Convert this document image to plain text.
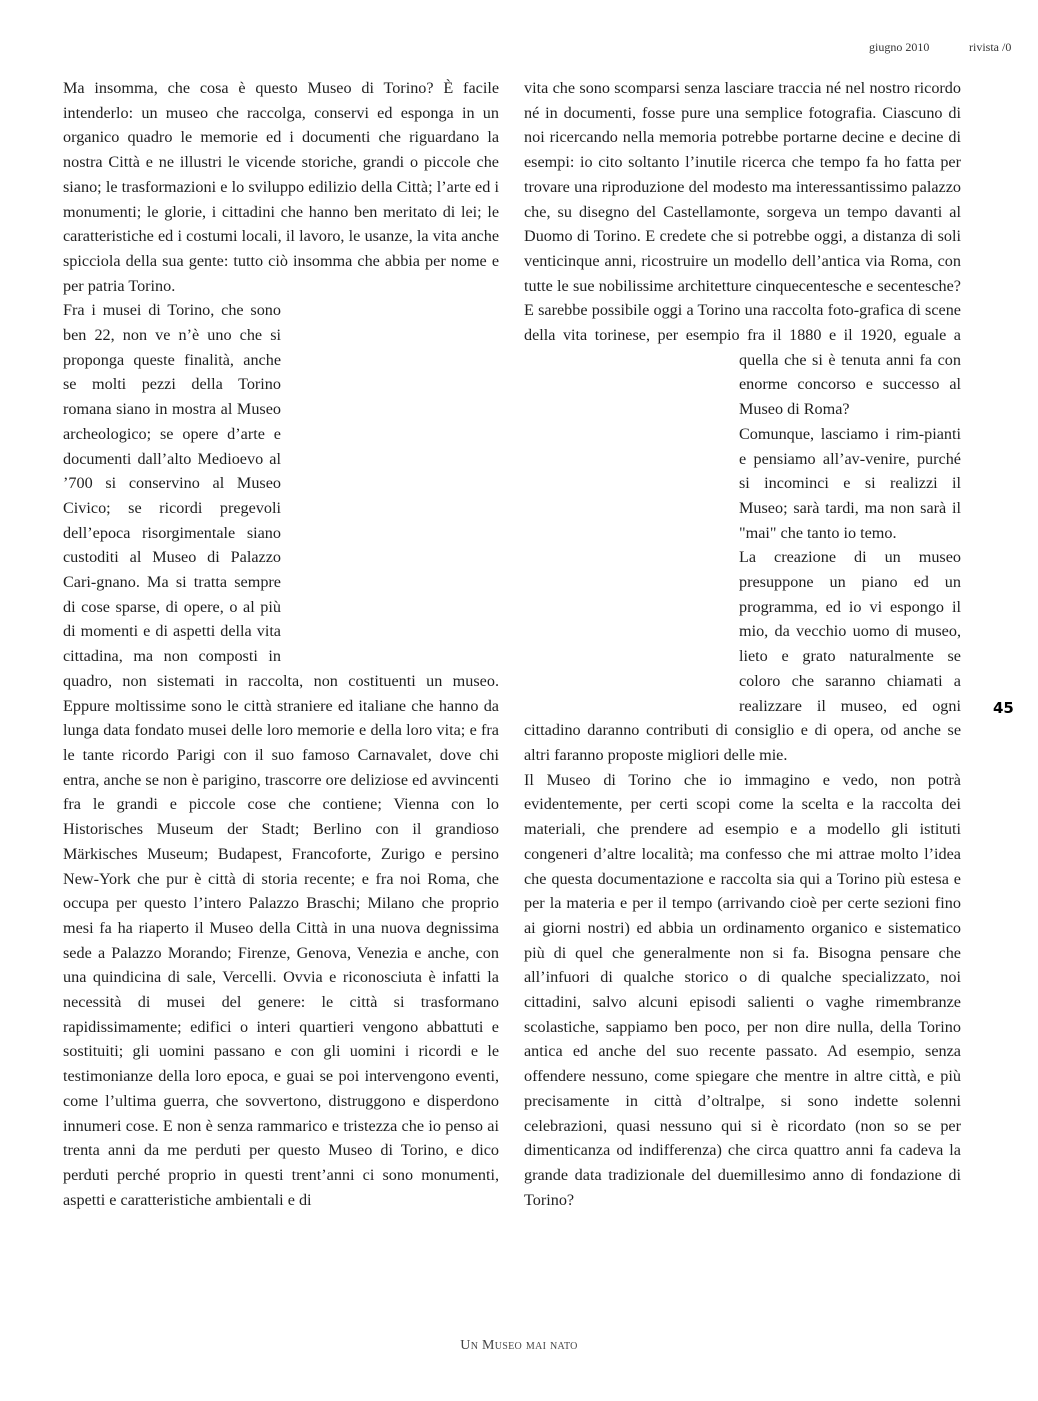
giugno 2010	rivista /0

Ma insomma, che cosa è questo Museo di Torino? È facile intenderlo: un museo che raccolga, conservi ed esponga in un organico quadro le memorie ed i documenti che riguardano la nostra Città e ne illustri le vicende storiche, grandi o piccole che siano; le trasformazioni e lo sviluppo edilizio della Città; l’arte ed i monumenti; le glorie, i cittadini che hanno ben meritato di lei; le caratteristiche ed i costumi locali, il lavoro, le usanze, la vita anche spicciola della sua gente: tutto ciò insomma che abbia per nome e per patria Torino.

Fra i musei di Torino, che sono ben 22, non ve n’è uno che si proponga queste finalità, anche se molti pezzi della Torino romana siano in mostra al Museo archeologico; se opere d’arte e documenti dall’alto Medioevo al ’700 si conservino al Museo Civico; se ricordi pregevoli dell’epoca risorgimentale siano custoditi al Museo di Palazzo Cari-gnano. Ma si tratta sempre di cose sparse, di opere, o al più di momenti e di aspetti della vita cittadina, ma non composti in quadro, non sistemati in raccolta, non costituenti un museo. Eppure moltissime sono le città straniere ed italiane che hanno da lunga data fondato musei delle loro memorie e della loro vita; e fra le tante ricordo Parigi con il suo famoso Carnavalet, dove chi entra, anche se non è parigino, trascorre ore deliziose ed avvincenti fra le grandi e piccole cose che contiene; Vienna con lo Historisches Museum der Stadt; Berlino con il grandioso Märkisches Museum; Budapest, Francoforte, Zurigo e persino New-York che pur è città di storia recente; e fra noi Roma, che occupa per questo l’intero Palazzo Braschi; Milano che proprio mesi fa ha riaperto il Museo della Città in una nuova degnissima sede a Palazzo Morando; Firenze, Genova, Venezia e anche, con una quindicina di sale, Vercelli. Ovvia e riconosciuta è infatti la necessità di musei del genere: le città si trasformano rapidissimamente; edifici o interi quartieri vengono abbattuti e sostituiti; gli uomini passano e con gli uomini i ricordi e le testimonianze della loro epoca, e guai se poi intervengono eventi, come l’ultima guerra, che sovvertono, distruggono e disperdono innumeri cose. E non è senza rammarico e tristezza che io penso ai trenta anni da me perduti per questo Museo di Torino, e dico perduti perché proprio in questi trent’anni ci sono monumenti, aspetti e caratteristiche ambientali e di

vita che sono scomparsi senza lasciare traccia né nel nostro ricordo né in documenti, fosse pure una semplice fotografia. Ciascuno di noi ricercando nella memoria potrebbe portarne decine e decine di esempi: io cito soltanto l’inutile ricerca che tempo fa ho fatta per trovare una riproduzione del modesto ma interessantissimo palazzo che, su disegno del Castellamonte, sorgeva un tempo davanti al Duomo di Torino. E credete che si potrebbe oggi, a distanza di soli venticinque anni, ricostruire un modello dell’antica via Roma, con tutte le sue nobilissime architetture cinquecentesche e secentesche? E sarebbe possibile oggi a Torino una raccolta foto-grafica di scene della vita torinese, per esempio fra il 1880 e il 1920, eguale a quella che si è tenuta anni fa con enorme concorso e successo al Museo di Roma?

Comunque, lasciamo i rim-pianti e pensiamo all’av-venire, purché si incominci e si realizzi il Museo; sarà tardi, ma non sarà il "mai" che tanto io temo.

La creazione di un museo presuppone un piano ed un programma, ed io vi espongo il mio, da vecchio uomo di museo, lieto e grato naturalmente se coloro che saranno chiamati a realizzare il museo, ed ogni cittadino daranno contributi di consiglio e di opera, od anche se altri faranno proposte migliori delle mie.

Il Museo di Torino che io immagino e vedo, non potrà evidentemente, per certi scopi come la scelta e la raccolta dei materiali, che prendere ad esempio e a modello gli istituti congeneri d’altre località; ma confesso che mi attrae molto l’idea che questa documentazione e raccolta sia qui a Torino più estesa e per la materia e per il tempo (arrivando cioè per certe sezioni fino ai giorni nostri) ed abbia un ordinamento organico e sistematico più di quel che generalmente non si fa. Bisogna pensare che all’infuori di qualche storico o di qualche specializzato, noi cittadini, salvo alcuni episodi salienti o vaghe rimembranze scolastiche, sappiamo ben poco, per non dire nulla, della Torino antica ed anche del suo recente passato. Ad esempio, senza offendere nessuno, come spiegare che mentre in altre città, e più precisamente in città d’oltralpe, si sono indette solenni celebrazioni, quasi nessuno qui si è ricordato (non so se per dimenticanza od indifferenza) che circa quattro anni fa cadeva la grande data tradizionale del duemillesimo anno di fondazione di Torino?

45
Un Museo mai nato
